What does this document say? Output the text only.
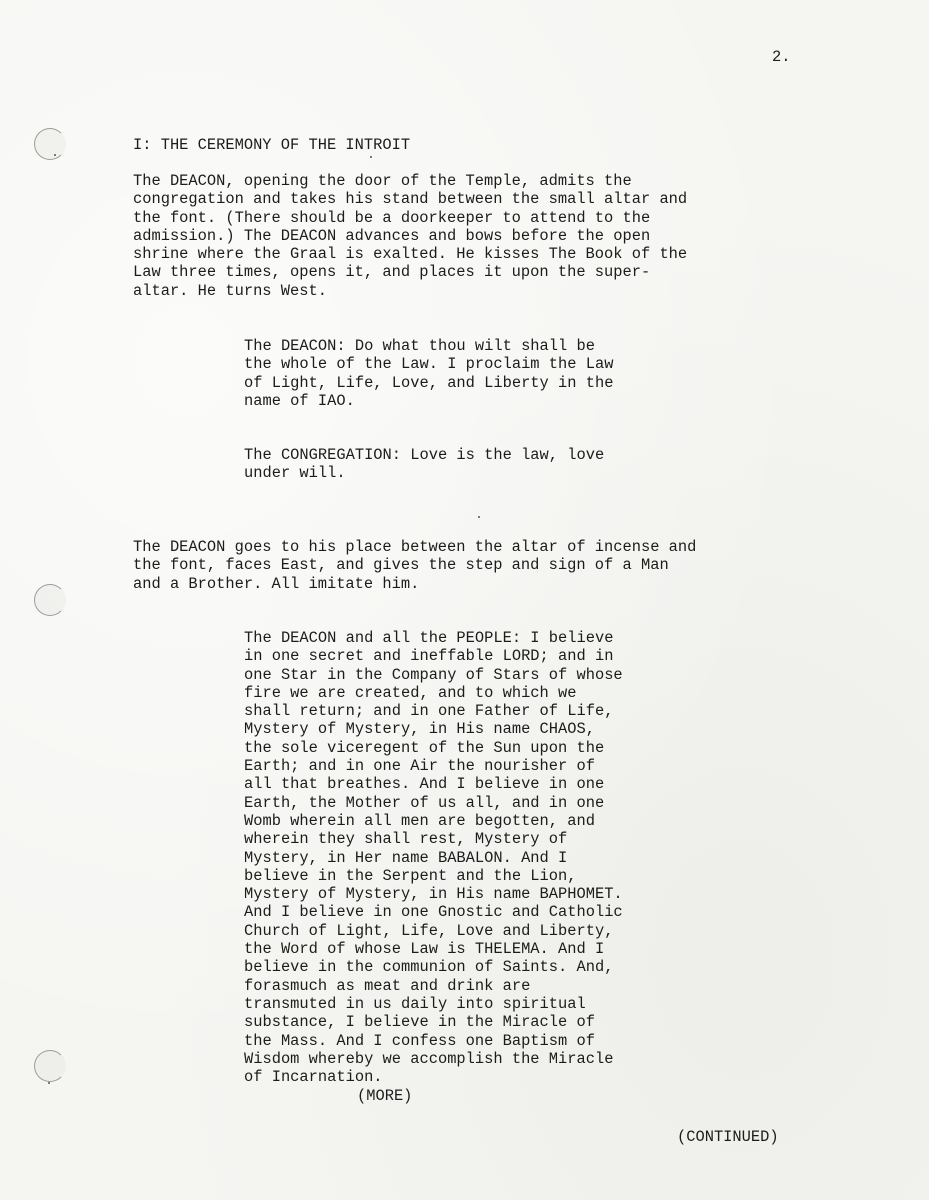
2.

I: THE CEREMONY OF THE INTROIT

The DEACON, opening the door of the Temple, admits the
congregation and takes his stand between the small altar and
the font. (There should be a doorkeeper to attend to the
admission.) The DEACON advances and bows before the open
shrine where the Graal is exalted. He kisses The Book of the
Law three times, opens it, and places it upon the super-
altar. He turns West.
The DEACON: Do what thou wilt shall be
the whole of the Law. I proclaim the Law
of Light, Life, Love, and Liberty in the
name of IAO.
The CONGREGATION: Love is the law, love
under will.
The DEACON goes to his place between the altar of incense and
the font, faces East, and gives the step and sign of a Man
and a Brother. All imitate him.
The DEACON and all the PEOPLE: I believe
in one secret and ineffable LORD; and in
one Star in the Company of Stars of whose
fire we are created, and to which we
shall return; and in one Father of Life,
Mystery of Mystery, in His name CHAOS,
the sole viceregent of the Sun upon the
Earth; and in one Air the nourisher of
all that breathes. And I believe in one
Earth, the Mother of us all, and in one
Womb wherein all men are begotten, and
wherein they shall rest, Mystery of
Mystery, in Her name BABALON. And I
believe in the Serpent and the Lion,
Mystery of Mystery, in His name BAPHOMET.
And I believe in one Gnostic and Catholic
Church of Light, Life, Love and Liberty,
the Word of whose Law is THELEMA. And I
believe in the communion of Saints. And,
forasmuch as meat and drink are
transmuted in us daily into spiritual
substance, I believe in the Miracle of
the Mass. And I confess one Baptism of
Wisdom whereby we accomplish the Miracle
of Incarnation.

(MORE)

(CONTINUED)
